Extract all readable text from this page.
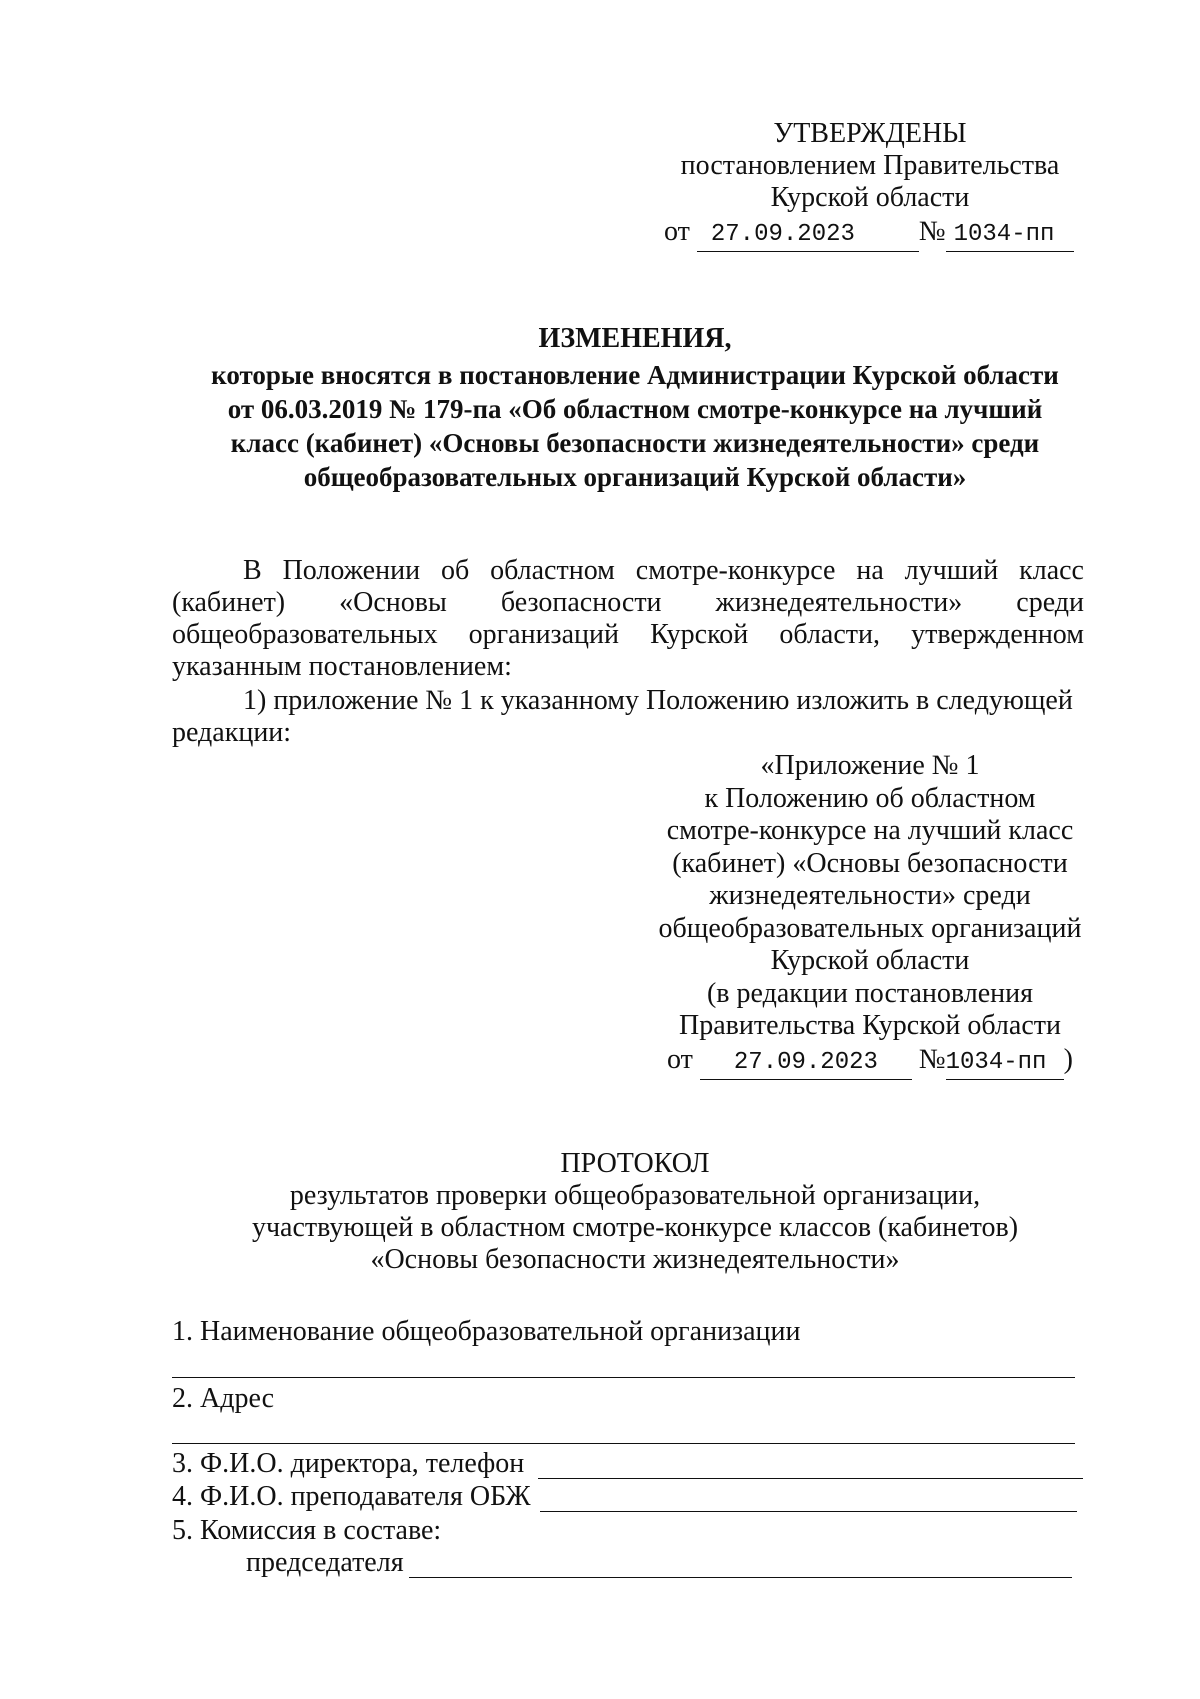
УТВЕРЖДЕНЫ
постановлением Правительства
Курской области
от 27.09.2023 № 1034-пп
ИЗМЕНЕНИЯ,
которые вносятся в постановление Администрации Курской области
от 06.03.2019 № 179-па «Об областном смотре-конкурсе на лучший
класс (кабинет) «Основы безопасности жизнедеятельности» среди
общеобразовательных организаций Курской области»
В Положении об областном смотре-конкурсе на лучший класс (кабинет) «Основы безопасности жизнедеятельности» среди общеобразовательных организаций Курской области, утвержденном указанным постановлением:
1) приложение № 1 к указанному Положению изложить в следующей редакции:
«Приложение № 1
к Положению об областном
смотре-конкурсе на лучший класс
(кабинет) «Основы безопасности
жизнедеятельности» среди
общеобразовательных организаций
Курской области
(в редакции постановления
Правительства Курской области
от 27.09.2023 №1034-пп )
ПРОТОКОЛ
результатов проверки общеобразовательной организации,
участвующей в областном смотре-конкурсе классов (кабинетов)
«Основы безопасности жизнедеятельности»
1. Наименование общеобразовательной организации
2. Адрес
3. Ф.И.О. директора, телефон
4. Ф.И.О. преподавателя ОБЖ
5. Комиссия в составе:
председателя
